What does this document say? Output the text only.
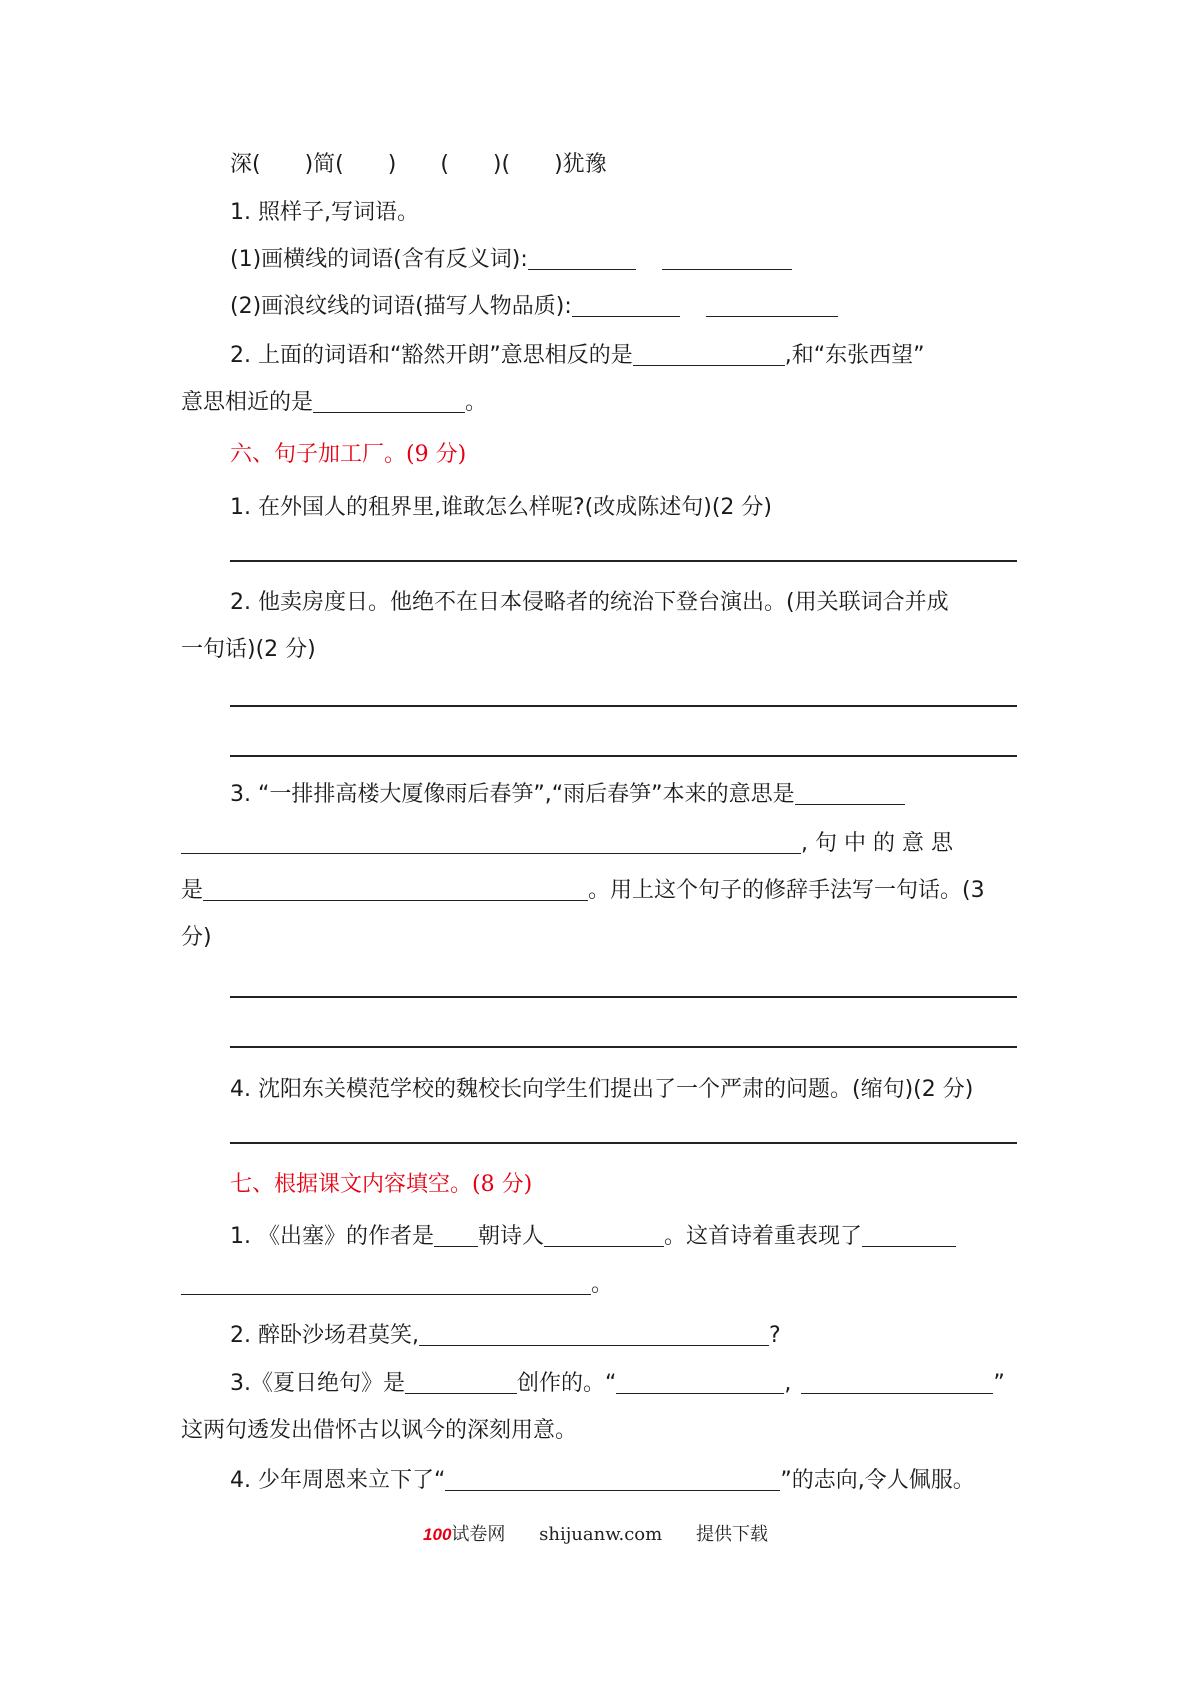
深(　　)简(　　)　　(　　)(　　)犹豫
1. 照样子,写词语。
(1)画横线的词语(含有反义词):
(2)画浪纹线的词语(描写人物品质):
2. 上面的词语和“豁然开朗”意思相反的是	,和“东张西望”
意思相近的是	。
六、句子加工厂。(9 分)
1. 在外国人的租界里,谁敢怎么样呢?(改成陈述句)(2 分)
2. 他卖房度日。他绝不在日本侵略者的统治下登台演出。(用关联词合并成
一句话)(2 分)
3. “一排排高楼大厦像雨后春笋”,“雨后春笋”本来的意思是
, 句 中 的 意 思
是	。用上这个句子的修辞手法写一句话。(3
分)
4. 沈阳东关模范学校的魏校长向学生们提出了一个严肃的问题。(缩句)(2 分)
七、根据课文内容填空。(8 分)
1. 《出塞》的作者是 朝诗人	。这首诗着重表现了
。
2. 醉卧沙场君莫笑,	?
3.《夏日绝句》是	创作的。“	,	”
这两句透发出借怀古以讽今的深刻用意。
4. 少年周恩来立下了“	”的志向,令人佩服。
100试卷网 shijuanw.com 提供下载
